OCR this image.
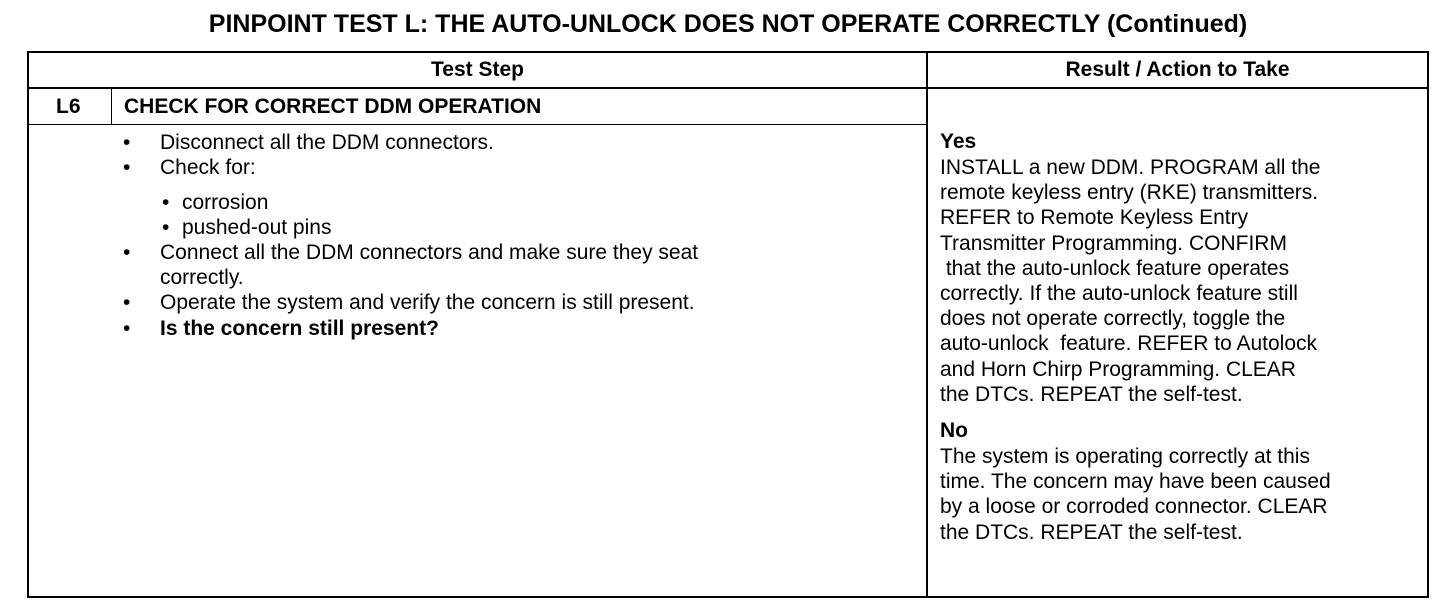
PINPOINT TEST L: THE AUTO-UNLOCK DOES NOT OPERATE CORRECTLY (Continued)
Test Step	Result / Action to Take
L6 CHECK FOR CORRECT DDM OPERATION
• Disconnect all the DDM connectors.
• Check for:
• corrosion
• pushed-out pins
• Connect all the DDM connectors and make sure they seat
correctly.
• Operate the system and verify the concern is still present.
• Is the concern still present?
Yes
INSTALL a new DDM. PROGRAM all the
remote keyless entry (RKE) transmitters.
REFER to Remote Keyless Entry
Transmitter Programming. CONFIRM
that the auto-unlock feature operates
correctly. If the auto-unlock feature still
does not operate correctly, toggle the
auto-unlock  feature. REFER to Autolock
and Horn Chirp Programming. CLEAR
the DTCs. REPEAT the self-test.
No
The system is operating correctly at this
time. The concern may have been caused
by a loose or corroded connector. CLEAR
the DTCs. REPEAT the self-test.
